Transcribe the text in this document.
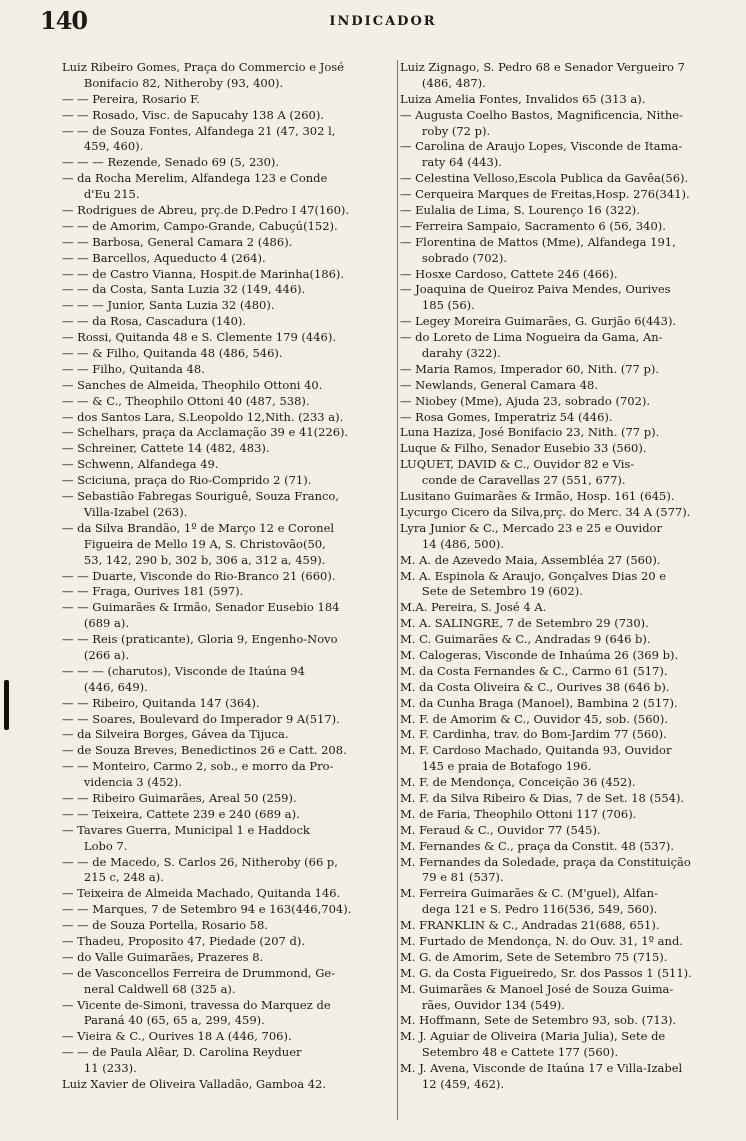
140	INDICADOR
Luiz Ribeiro Gomes, Praça do Commercio e José
Bonifacio 82, Nitheroby (93, 400).
— — Pereira, Rosario F.
— — Rosado, Visc. de Sapucahy 138 A (260).
— — de Souza Fontes, Alfandega 21 (47, 302 l,
459, 460).
— — — Rezende, Senado 69 (5, 230).
— da Rocha Merelim, Alfandega 123 e Conde
d'Eu 215.
— Rodrigues de Abreu, prç.de D.Pedro I 47(160).
— — de Amorim, Campo-Grande, Cabuçú(152).
— — Barbosa, General Camara 2 (486).
— — Barcellos, Aqueducto 4 (264).
— — de Castro Vianna, Hospit.de Marinha(186).
— — da Costa, Santa Luzia 32 (149, 446).
— — — Junior, Santa Luzia 32 (480).
— — da Rosa, Cascadura (140).
— Rossi, Quitanda 48 e S. Clemente 179 (446).
— — & Filho, Quitanda 48 (486, 546).
— — Filho, Quitanda 48.
— Sanches de Almeida, Theophilo Ottoni 40.
— — & C., Theophilo Ottoni 40 (487, 538).
— dos Santos Lara, S.Leopoldo 12,Nith. (233 a).
— Schelhars, praça da Acclamação 39 e 41(226).
— Schreiner, Cattete 14 (482, 483).
— Schwenn, Alfandega 49.
— Sciciuna, praça do Rio-Comprido 2 (71).
— Sebastião Fabregas Souriguê, Souza Franco,
Villa-Izabel (263).
— da Silva Brandão, 1º de Março 12 e Coronel
Figueira de Mello 19 A, S. Christovão(50,
53, 142, 290 b, 302 b, 306 a, 312 a, 459).
— — Duarte, Visconde do Rio-Branco 21 (660).
— — Fraga, Ourives 181 (597).
— — Guimarães & Irmão, Senador Eusebio 184
(689 a).
— — Reis (praticante), Gloria 9, Engenho-Novo
(266 a).
— — — (charutos), Visconde de Itaúna 94
(446, 649).
— — Ribeiro, Quitanda 147 (364).
— — Soares, Boulevard do Imperador 9 A(517).
— da Silveira Borges, Gávea da Tijuca.
— de Souza Breves, Benedictinos 26 e Catt. 208.
— — Monteiro, Carmo 2, sob., e morro da Pro-
videncia 3 (452).
— — Ribeiro Guimarães, Areal 50 (259).
— — Teixeira, Cattete 239 e 240 (689 a).
— Tavares Guerra, Municipal 1 e Haddock
Lobo 7.
— — de Macedo, S. Carlos 26, Nitheroby (66 p,
215 c, 248 a).
— Teixeira de Almeida Machado, Quitanda 146.
— — Marques, 7 de Setembro 94 e 163(446,704).
— — de Souza Portella, Rosario 58.
— Thadeu, Proposito 47, Piedade (207 d).
— do Valle Guimarães, Prazeres 8.
— de Vasconcellos Ferreira de Drummond, Ge-
neral Caldwell 68 (325 a).
— Vicente de-Simoni, travessa do Marquez de
Paraná 40 (65, 65 a, 299, 459).
— Vieira & C., Ourives 18 A (446, 706).
— — de Paula Alêar, D. Carolina Reyduer
11 (233).
Luiz Xavier de Oliveira Valladão, Gamboa 42.
Luiz Zignago, S. Pedro 68 e Senador Vergueiro 7
(486, 487).
Luiza Amelia Fontes, Invalidos 65 (313 a).
— Augusta Coelho Bastos, Magnificencia, Nithe-
roby (72 p).
— Carolina de Araujo Lopes, Visconde de Itama-
raty 64 (443).
— Celestina Velloso,Escola Publica da Gavêa(56).
— Cerqueira Marques de Freitas,Hosp. 276(341).
— Eulalia de Lima, S. Lourenço 16 (322).
— Ferreira Sampaio, Sacramento 6 (56, 340).
— Florentina de Mattos (Mme), Alfandega 191,
sobrado (702).
— Hosxe Cardoso, Cattete 246 (466).
— Joaquina de Queiroz Paiva Mendes, Ourives
185 (56).
— Legey Moreira Guimarães, G. Gurjão 6(443).
— do Loreto de Lima Nogueira da Gama, An-
darahy (322).
— Maria Ramos, Imperador 60, Nith. (77 p).
— Newlands, General Camara 48.
— Niobey (Mme), Ajuda 23, sobrado (702).
— Rosa Gomes, Imperatriz 54 (446).
Luna Haziza, José Bonifacio 23, Nith. (77 p).
Luque & Filho, Senador Eusebio 33 (560).
LUQUET, DAVID & C., Ouvidor 82 e Vis-
conde de Caravellas 27 (551, 677).
Lusitano Guimarães & Irmão, Hosp. 161 (645).
Lycurgo Cicero da Silva,prç. do Merc. 34 A (577).
Lyra Junior & C., Mercado 23 e 25 e Ouvidor
14 (486, 500).
M. A. de Azevedo Maia, Assembléa 27 (560).
M. A. Espinola & Araujo, Gonçalves Dias 20 e
Sete de Setembro 19 (602).
M.A. Pereira, S. José 4 A.
M. A. SALINGRE, 7 de Setembro 29 (730).
M. C. Guimarães & C., Andradas 9 (646 b).
M. Calogeras, Visconde de Inhaúma 26 (369 b).
M. da Costa Fernandes & C., Carmo 61 (517).
M. da Costa Oliveira & C., Ourives 38 (646 b).
M. da Cunha Braga (Manoel), Bambina 2 (517).
M. F. de Amorim & C., Ouvidor 45, sob. (560).
M. F. Cardinha, trav. do Bom-Jardim 77 (560).
M. F. Cardoso Machado, Quitanda 93, Ouvidor
145 e praia de Botafogo 196.
M. F. de Mendonça, Conceição 36 (452).
M. F. da Silva Ribeiro & Dias, 7 de Set. 18 (554).
M. de Faria, Theophilo Ottoni 117 (706).
M. Feraud & C., Ouvidor 77 (545).
M. Fernandes & C., praça da Constit. 48 (537).
M. Fernandes da Soledade, praça da Constituição
79 e 81 (537).
M. Ferreira Guimarães & C. (M'guel), Alfan-
dega 121 e S. Pedro 116(536, 549, 560).
M. FRANKLIN & C., Andradas 21(688, 651).
M. Furtado de Mendonça, N. do Ouv. 31, 1º and.
M. G. de Amorim, Sete de Setembro 75 (715).
M. G. da Costa Figueiredo, Sr. dos Passos 1 (511).
M. Guimarães & Manoel José de Souza Guima-
rães, Ouvidor 134 (549).
M. Hoffmann, Sete de Setembro 93, sob. (713).
M. J. Aguiar de Oliveira (Maria Julia), Sete de
Setembro 48 e Cattete 177 (560).
M. J. Avena, Visconde de Itaúna 17 e Villa-Izabel
12 (459, 462).
